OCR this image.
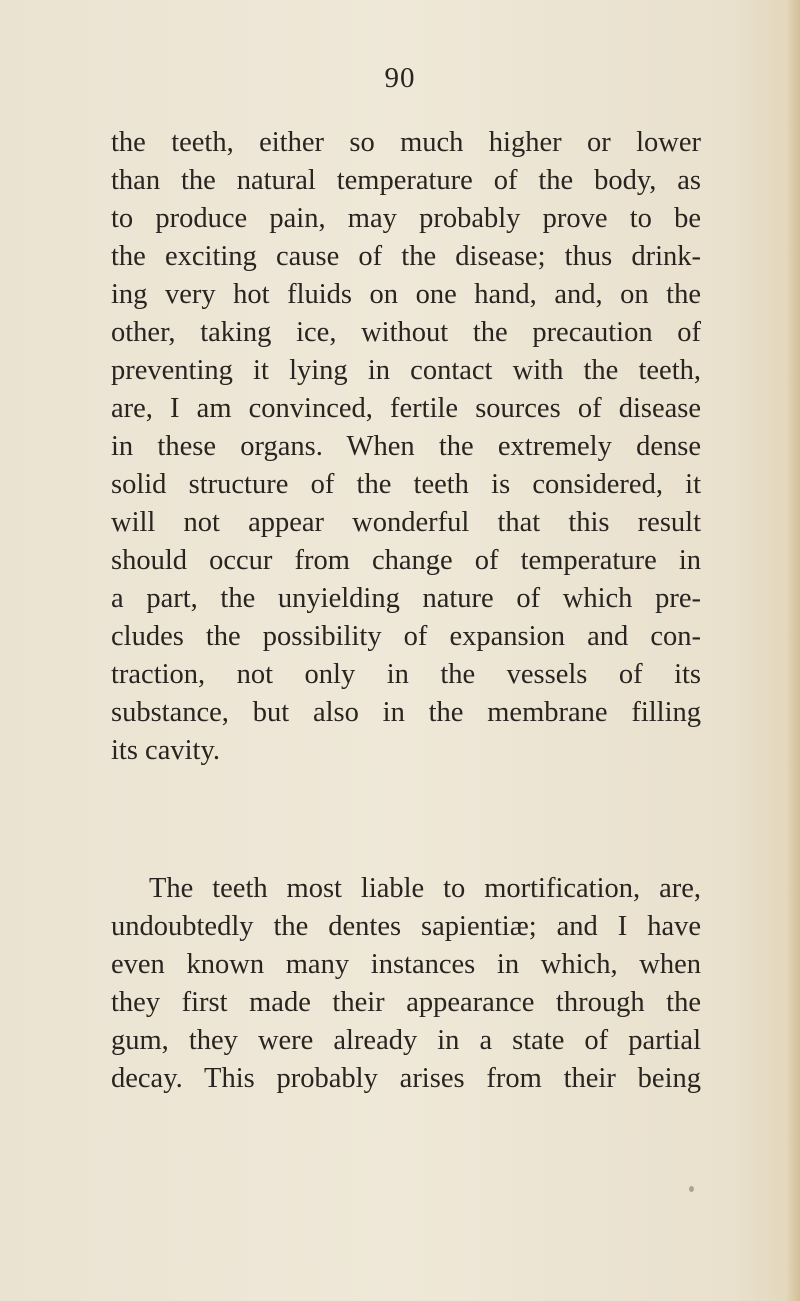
90
the teeth, either so much higher or lower
than the natural temperature of the body, as
to produce pain, may probably prove to be
the exciting cause of the disease; thus drink-
ing very hot fluids on one hand, and, on the
other, taking ice, without the precaution of
preventing it lying in contact with the teeth,
are, I am convinced, fertile sources of disease
in these organs. When the extremely dense
solid structure of the teeth is considered, it
will not appear wonderful that this result
should occur from change of temperature in
a part, the unyielding nature of which pre-
cludes the possibility of expansion and con-
traction, not only in the vessels of its
substance, but also in the membrane filling
its cavity.
The teeth most liable to mortification, are,
undoubtedly the dentes sapientiæ; and I have
even known many instances in which, when
they first made their appearance through the
gum, they were already in a state of partial
decay. This probably arises from their being
